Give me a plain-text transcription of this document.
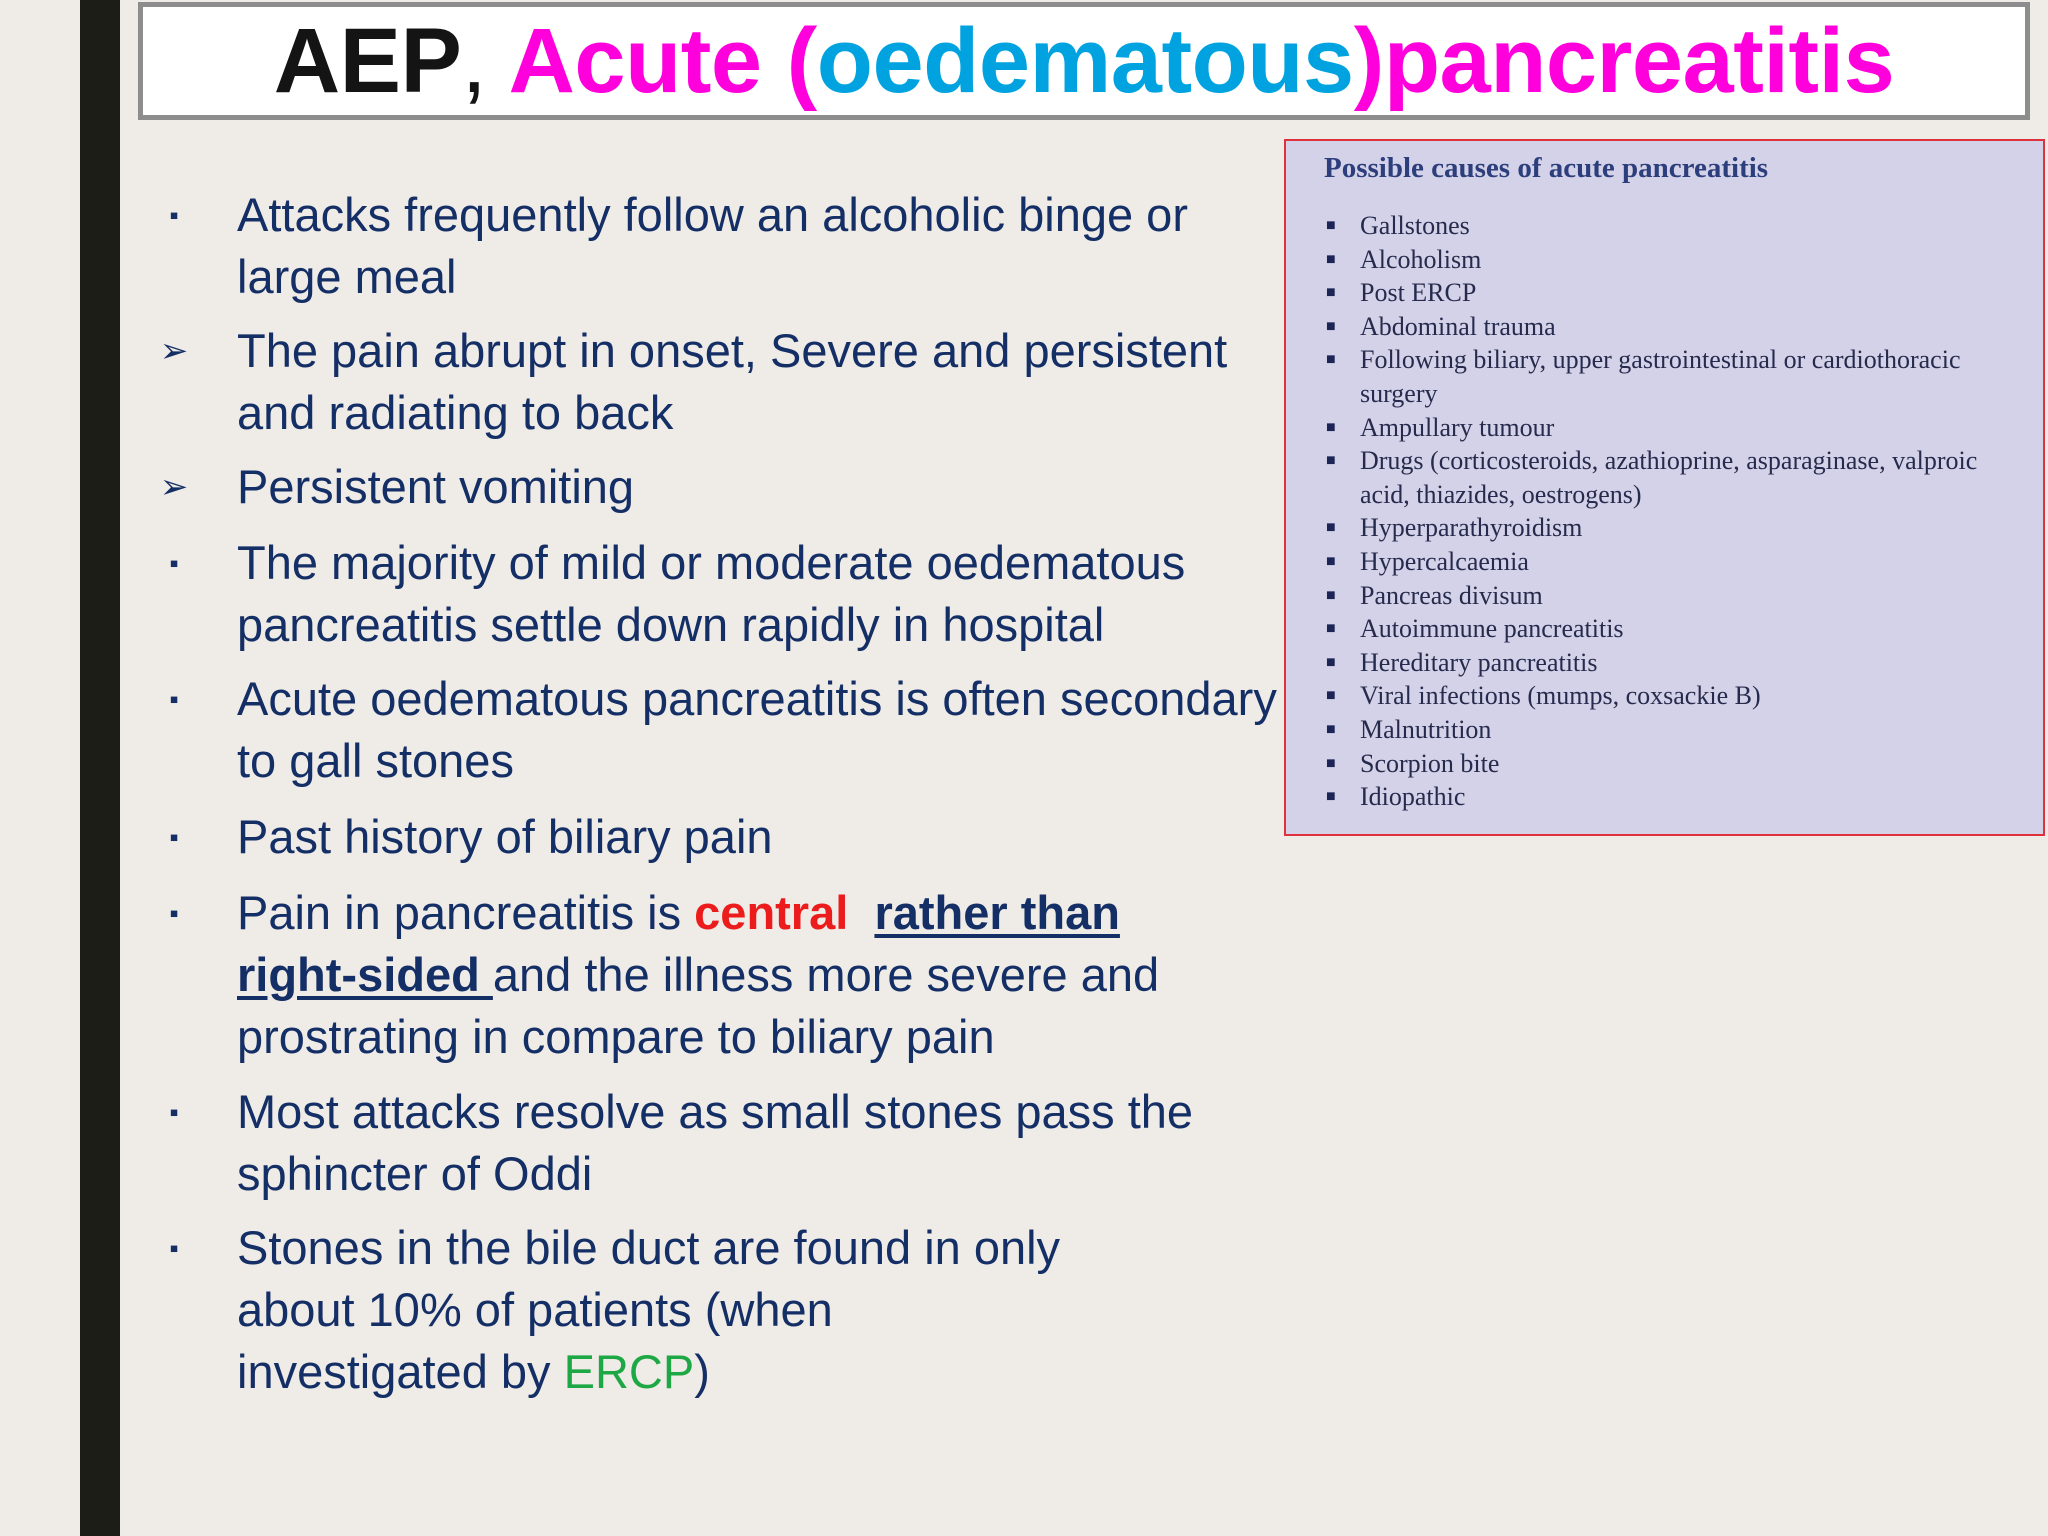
AEP , Acute
( oedematous ) pancreatitis
▪ Attacks frequently follow an alcoholic binge or large meal
➢ The pain abrupt in onset, Severe and persistent and radiating to back
➢ Persistent vomiting
▪ The majority of mild or moderate oedematous pancreatitis settle down rapidly in hospital
▪ Acute oedematous pancreatitis is often secondary to gall stones
▪ Past history of biliary pain
▪ Pain in pancreatitis is central rather than right-sided and the illness more severe and prostrating in compare to biliary pain
▪ Most attacks resolve as small stones pass the sphincter of Oddi
▪ Stones in the bile duct are found in only about 10% of patients (when investigated by ERCP)
Possible causes of acute pancreatitis
■ Gallstones
■ Alcoholism
■ Post ERCP
■ Abdominal trauma
■ Following biliary, upper gastrointestinal or cardiothoracic surgery
■ Ampullary tumour
■ Drugs (corticosteroids, azathioprine, asparaginase, valproic acid, thiazides, oestrogens)
■ Hyperparathyroidism
■ Hypercalcaemia
■ Pancreas divisum
■ Autoimmune pancreatitis
■ Hereditary pancreatitis
■ Viral infections (mumps, coxsackie B)
■ Malnutrition
■ Scorpion bite
■ Idiopathic
